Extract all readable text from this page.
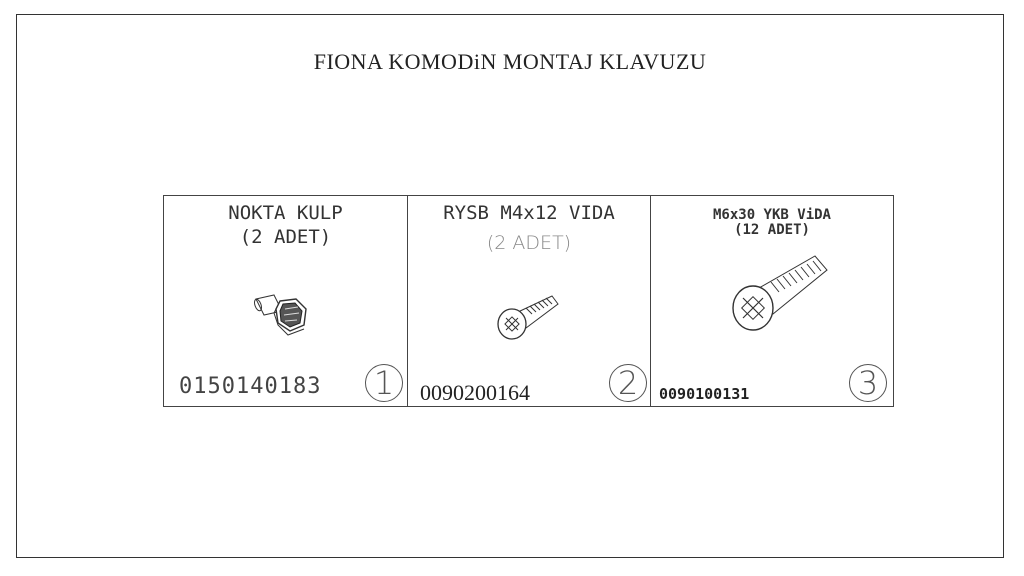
FIONA KOMODiN MONTAJ KLAVUZU
NOKTA KULP
(2 ADET)
0150140183 1
RYSB M4x12 VIDA
(2 ADET)
0090200164	2
M6x30 YKB ViDA
(12 ADET)
0090100131	3
